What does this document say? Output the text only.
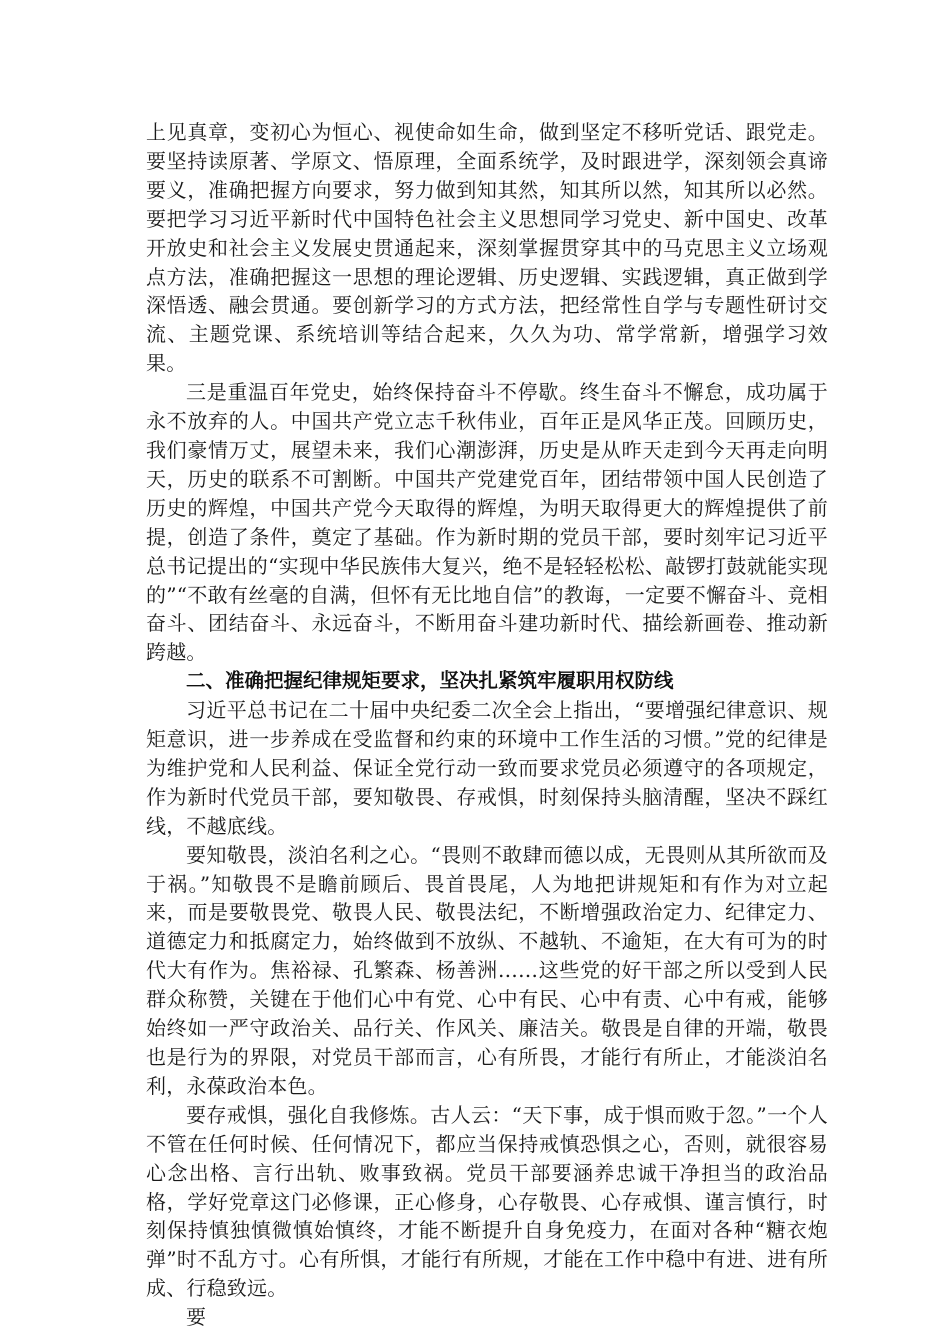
上见真章，变初心为恒心、视使命如生命，做到坚定不移听党话、跟党走。要坚持读原著、学原文、悟原理，全面系统学，及时跟进学，深刻领会真谛要义，准确把握方向要求，努力做到知其然，知其所以然，知其所以必然。要把学习习近平新时代中国特色社会主义思想同学习党史、新中国史、改革开放史和社会主义发展史贯通起来，深刻掌握贯穿其中的马克思主义立场观点方法，准确把握这一思想的理论逻辑、历史逻辑、实践逻辑，真正做到学深悟透、融会贯通。要创新学习的方式方法，把经常性自学与专题性研讨交流、主题党课、系统培训等结合起来，久久为功、常学常新，增强学习效果。

三是重温百年党史，始终保持奋斗不停歇。终生奋斗不懈怠，成功属于永不放弃的人。中国共产党立志千秋伟业，百年正是风华正茂。回顾历史，我们豪情万丈，展望未来，我们心潮澎湃，历史是从昨天走到今天再走向明天，历史的联系不可割断。中国共产党建党百年，团结带领中国人民创造了历史的辉煌，中国共产党今天取得的辉煌，为明天取得更大的辉煌提供了前提，创造了条件，奠定了基础。作为新时期的党员干部，要时刻牢记习近平总书记提出的“实现中华民族伟大复兴，绝不是轻轻松松、敲锣打鼓就能实现的”“不敢有丝毫的自满，但怀有无比地自信”的教诲，一定要不懈奋斗、竞相奋斗、团结奋斗、永远奋斗，不断用奋斗建功新时代、描绘新画卷、推动新跨越。

二、准确把握纪律规矩要求，坚决扎紧筑牢履职用权防线

习近平总书记在二十届中央纪委二次全会上指出，“要增强纪律意识、规矩意识，进一步养成在受监督和约束的环境中工作生活的习惯。”党的纪律是为维护党和人民利益、保证全党行动一致而要求党员必须遵守的各项规定，作为新时代党员干部，要知敬畏、存戒惧，时刻保持头脑清醒，坚决不踩红线，不越底线。

要知敬畏，淡泊名利之心。“畏则不敢肆而德以成，无畏则从其所欲而及于祸。”知敬畏不是瞻前顾后、畏首畏尾，人为地把讲规矩和有作为对立起来，而是要敬畏党、敬畏人民、敬畏法纪，不断增强政治定力、纪律定力、道德定力和抵腐定力，始终做到不放纵、不越轨、不逾矩，在大有可为的时代大有作为。焦裕禄、孔繁森、杨善洲……这些党的好干部之所以受到人民群众称赞，关键在于他们心中有党、心中有民、心中有责、心中有戒，能够始终如一严守政治关、品行关、作风关、廉洁关。敬畏是自律的开端，敬畏也是行为的界限，对党员干部而言，心有所畏，才能行有所止，才能淡泊名利，永葆政治本色。

要存戒惧，强化自我修炼。古人云：“天下事，成于惧而败于忽。”一个人不管在任何时候、任何情况下，都应当保持戒慎恐惧之心，否则，就很容易心念出格、言行出轨、败事致祸。党员干部要涵养忠诚干净担当的政治品格，学好党章这门必修课，正心修身，心存敬畏、心存戒惧、谨言慎行，时刻保持慎独慎微慎始慎终，才能不断提升自身免疫力，在面对各种“糖衣炮弹”时不乱方寸。心有所惧，才能行有所规，才能在工作中稳中有进、进有所成、行稳致远。

要
